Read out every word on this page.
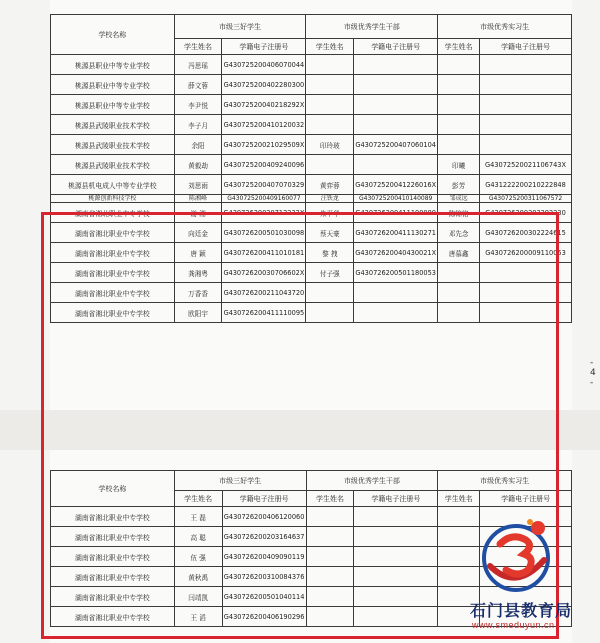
学校名称	市级三好学生		市级优秀学生干部		市级优秀实习生	
	学生姓名	学籍电子注册号	学生姓名	学籍电子注册号	学生姓名	学籍电子注册号
桃源县职业中等专业学校	冯思瑶	G430725200406070044				
桃源县职业中等专业学校	薛文蓉	G430725200402280300				
桃源县职业中等专业学校	李尹悦	G43072520040218292X				
桃源县武陵职业技术学校	李子月	G430725200410120032				
桃源县武陵职业技术学校	余阳	G43072520021029509X	印玲玻	G430725200407060104		
桃源县武陵职业技术学校	黄毅劫	G430725200409240096			印曦	G43072520021106743X
桃源县机电成人中等专业学校	刘思雨	G430725200407070329	黄弈蓉	G43072520041226016X	彭芳	G431222200210222848
桃源创新科技学校	陈湘峰	G430725200409160077	汪铁龙	G430725200410140089	邹成远	G430725200311067572
湖南省湘北职业中专学校	谢 湘	G43072620020712232X	朱平华	G430726200411100080	陈锦铭	G430726200303292230
湖南省湘北职业中专学校	向廷金	G430726200501030098	蔡天豪	G430726200411130271	邓先念	G430726200302224615
湖南省湘北职业中专学校	唐 颖	G430726200411010181	黎 拽	G43072620040430021X	唐慕鑫	G430726200009110053
湖南省湘北职业中专学校	龚湘粤	G43072620030706602X	付子强	G430726200501180053		
湖南省湘北职业中专学校	万香香	G430726200211043720				
湖南省湘北职业中专学校	欧阳宇	G430726200411110095				
- 4 -
学校名称	市级三好学生		市级优秀学生干部		市级优秀实习生	
	学生姓名	学籍电子注册号	学生姓名	学籍电子注册号	学生姓名	学籍电子注册号
湖南省湘北职业中专学校	王 磊	G430726200406120060				
湖南省湘北职业中专学校	高 聪	G430726200203164637				
湖南省湘北职业中专学校	伍 强	G430726200409090119				
湖南省湘北职业中专学校	黄秋禹	G430726200310084376				
湖南省湘北职业中专学校	闫靖凯	G430726200501040114				
湖南省湘北职业中专学校	王 滔	G430726200406190296					石门县教育局
www.smeduyun.cn
